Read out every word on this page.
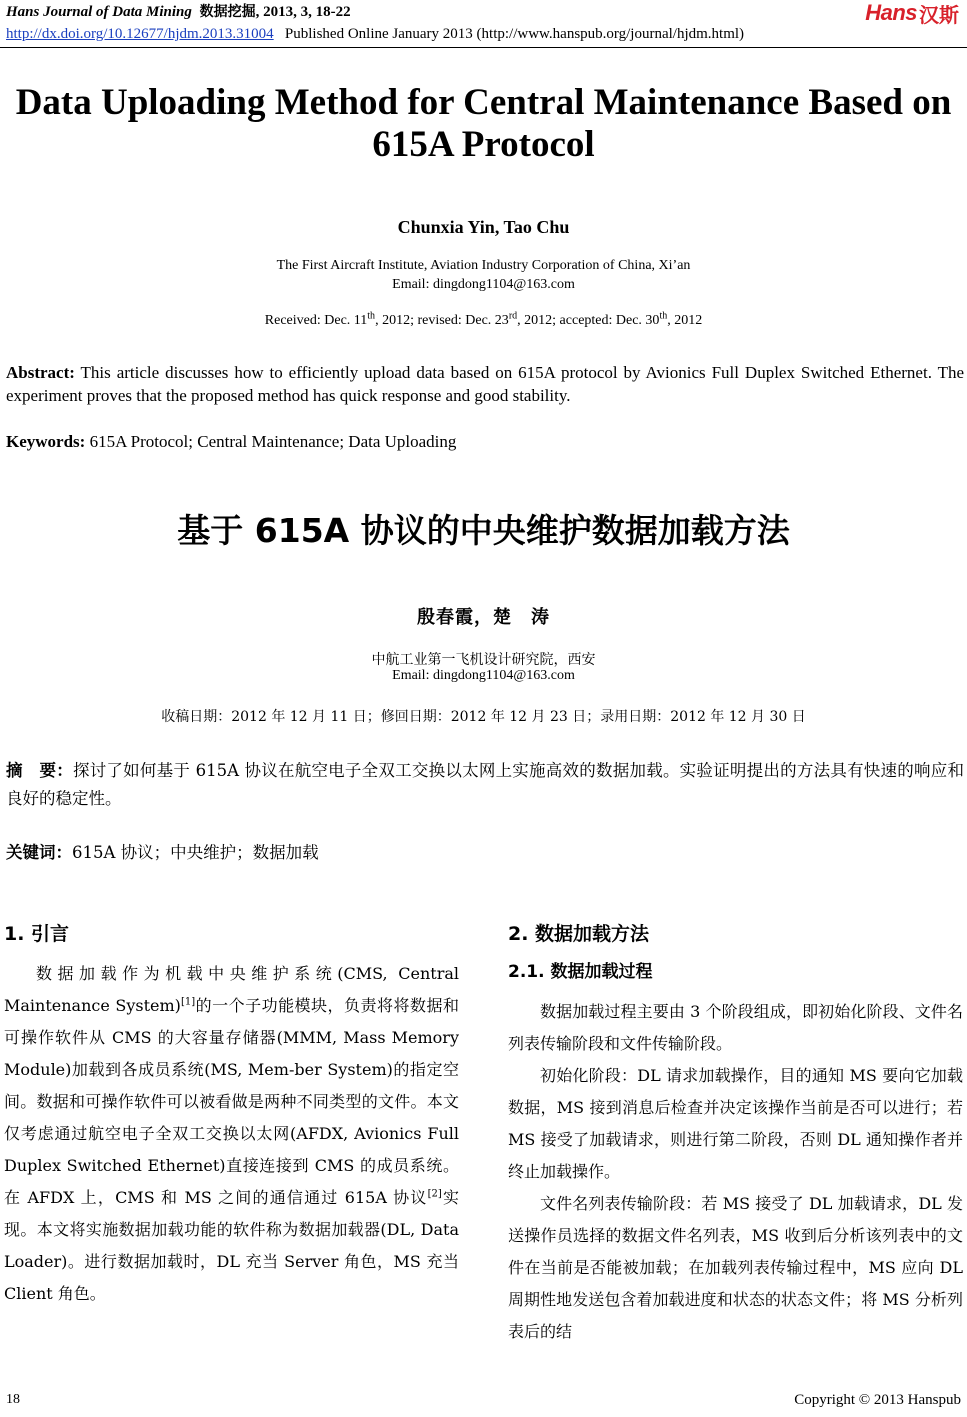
Hans Journal of Data Mining 数据挖掘, 2013, 3, 18-22	Hans 汉斯
http://dx.doi.org/10.12677/hjdm.2013.31004 Published Online January 2013 (http://www.hanspub.org/journal/hjdm.html)
Data Uploading Method for Central Maintenance Based on
615A Protocol
Chunxia Yin, Tao Chu
The First Aircraft Institute, Aviation Industry Corporation of China, Xi’an
Email: dingdong1104@163.com
Received: Dec. 11th, 2012; revised: Dec. 23rd, 2012; accepted: Dec. 30th, 2012
Abstract: This article discusses how to efficiently upload data based on 615A protocol by Avionics Full Duplex Switched Ethernet. The experiment proves that the proposed method has quick response and good stability.
Keywords: 615A Protocol; Central Maintenance; Data Uploading
基于 615A 协议的中央维护数据加载方法
殷春霞，楚　涛
中航工业第一飞机设计研究院，西安
Email: dingdong1104@163.com
收稿日期：2012 年 12 月 11 日；修回日期：2012 年 12 月 23 日；录用日期：2012 年 12 月 30 日
摘　要：探讨了如何基于 615A 协议在航空电子全双工交换以太网上实施高效的数据加载。实验证明提出的方法具有快速的响应和良好的稳定性。
关键词：615A 协议；中央维护；数据加载
1. 引言

数据加载作为机载中央维护系统(CMS, Central Maintenance System)[1]的一个子功能模块，负责将将数据和可操作软件从 CMS 的大容量存储器(MMM, Mass Memory Module)加载到各成员系统(MS, Mem-ber System)的指定空间。数据和可操作软件可以被看做是两种不同类型的文件。本文仅考虑通过航空电子全双工交换以太网(AFDX, Avionics Full Duplex Switched Ethernet)直接连接到 CMS 的成员系统。在 AFDX 上，CMS 和 MS 之间的通信通过 615A 协议[2]实现。本文将实施数据加载功能的软件称为数据加载器(DL, Data Loader)。进行数据加载时，DL 充当 Server 角色，MS 充当 Client 角色。

2. 数据加载方法
2.1. 数据加载过程

数据加载过程主要由 3 个阶段组成，即初始化阶段、文件名列表传输阶段和文件传输阶段。

初始化阶段：DL 请求加载操作，目的通知 MS 要向它加载数据，MS 接到消息后检查并决定该操作当前是否可以进行；若 MS 接受了加载请求，则进行第二阶段，否则 DL 通知操作者并终止加载操作。

文件名列表传输阶段：若 MS 接受了 DL 加载请求，DL 发送操作员选择的数据文件名列表，MS 收到后分析该列表中的文件在当前是否能被加载；在加载列表传输过程中，MS 应向 DL 周期性地发送包含着加载进度和状态的状态文件；将 MS 分析列表后的结

18	Copyright © 2013 Hanspub
